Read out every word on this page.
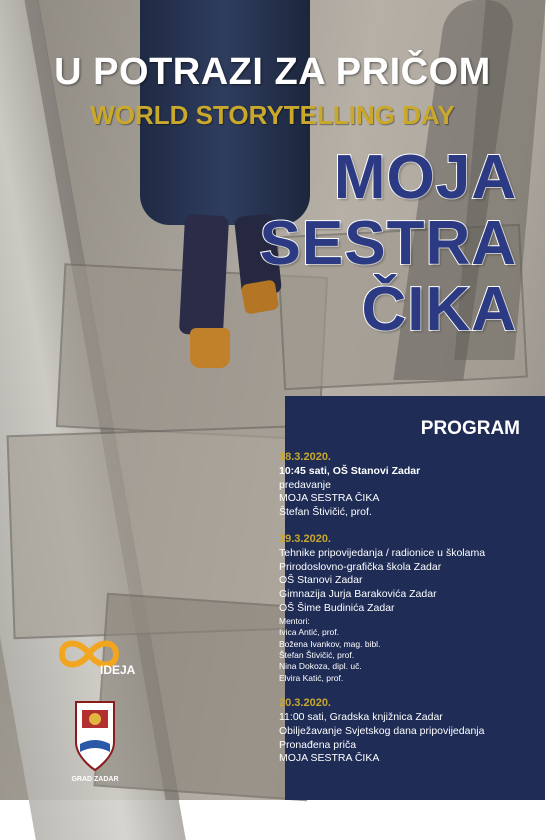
U POTRAZI ZA PRIČOM
WORLD STORYTELLING DAY
MOJA
SESTRA
ČIKA
PROGRAM
18.3.2020.
10:45 sati, OŠ Stanovi Zadar
predavanje
MOJA SESTRA ČIKA
Štefan Štivičić, prof.
19.3.2020.
Tehnike pripovijedanja / radionice u školama
Prirodoslovno-grafička škola Zadar
OŠ Stanovi Zadar
Gimnazija Jurja Barakovića Zadar
OŠ Šime Budinića Zadar
Mentori:
Ivica Antić, prof.
Božena Ivankov, mag. bibl.
Štefan Štivičić, prof.
Nina Dokoza, dipl. uč.
Elvira Katić, prof.
20.3.2020.
11:00 sati, Gradska knjižnica Zadar
Obilježavanje Svjetskog dana pripovijedanja
Pronađena priča
MOJA SESTRA ČIKA
IDEJA
GRAD ZADAR
